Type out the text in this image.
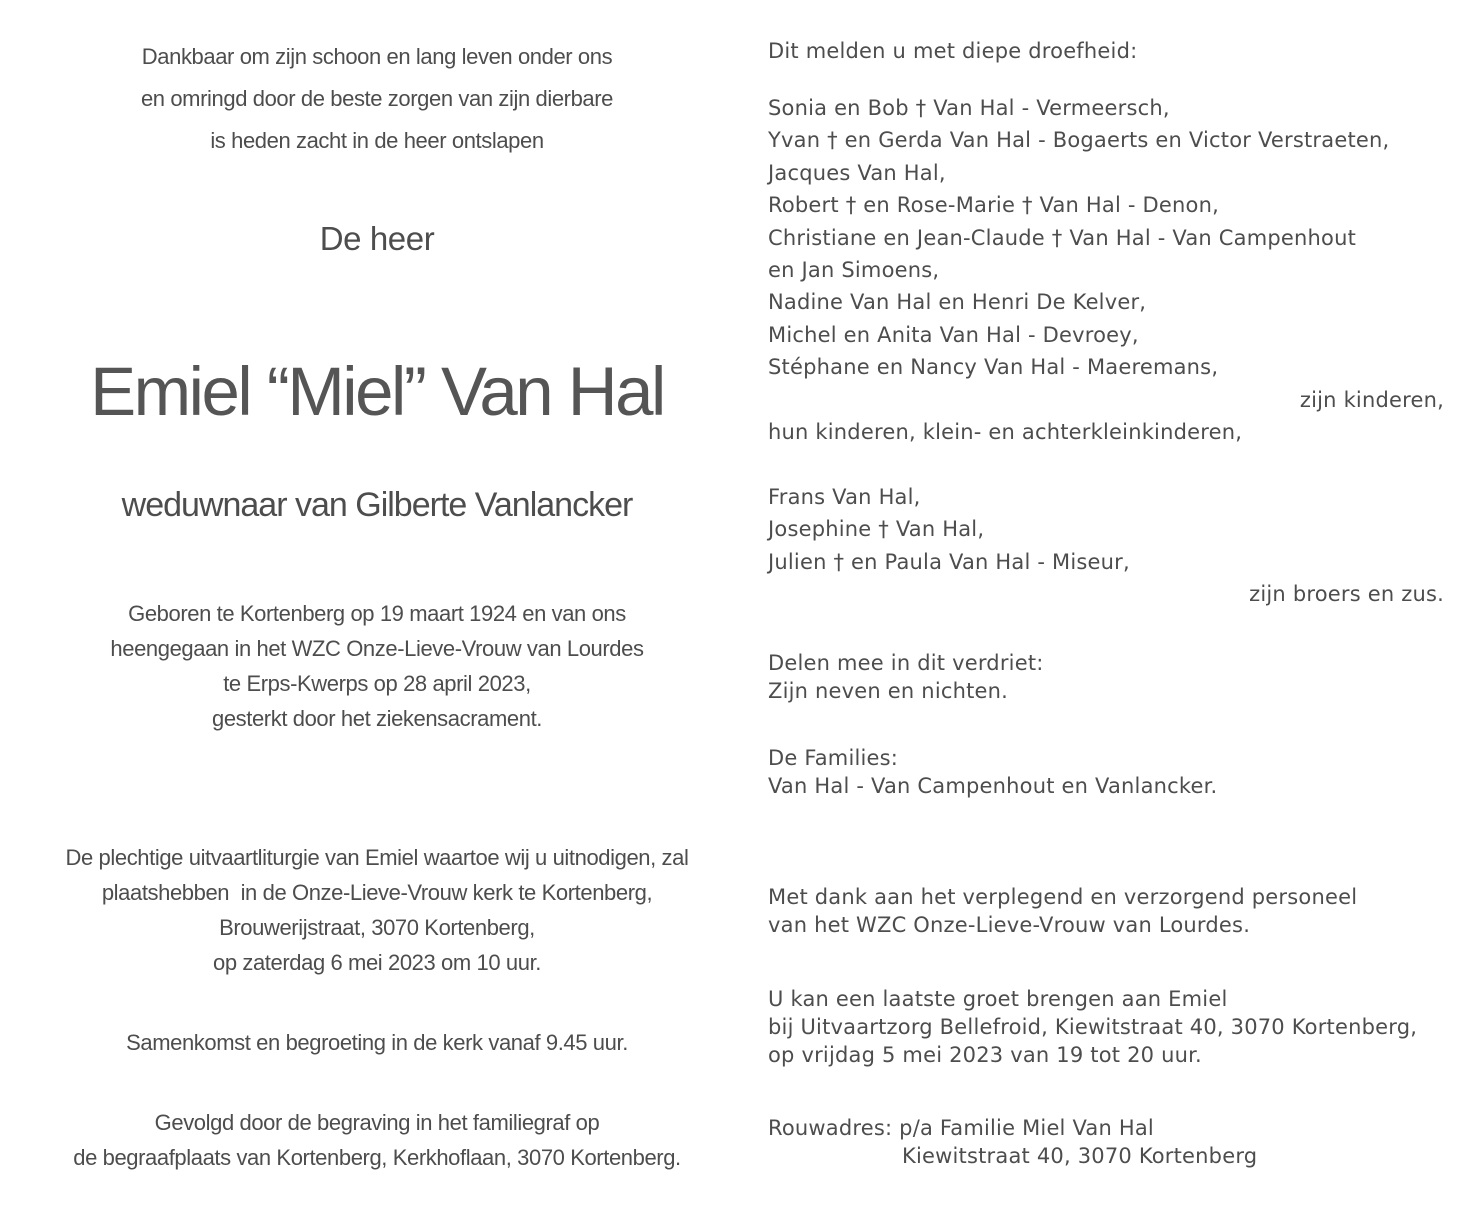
Dankbaar om zijn schoon en lang leven onder ons
en omringd door de beste zorgen van zijn dierbare
is heden zacht in de heer ontslapen
De heer
Emiel “Miel” Van Hal
weduwnaar van Gilberte Vanlancker
Geboren te Kortenberg op 19 maart 1924 en van ons
heengegaan in het WZC Onze-Lieve-Vrouw van Lourdes
te Erps-Kwerps op 28 april 2023,
gesterkt door het ziekensacrament.
De plechtige uitvaartliturgie van Emiel waartoe wij u uitnodigen, zal
plaatshebben  in de Onze-Lieve-Vrouw kerk te Kortenberg,
Brouwerijstraat, 3070 Kortenberg,
op zaterdag 6 mei 2023 om 10 uur.
Samenkomst en begroeting in de kerk vanaf 9.45 uur.
Gevolgd door de begraving in het familiegraf op
de begraafplaats van Kortenberg, Kerkhoflaan, 3070 Kortenberg.
Dit melden u met diepe droefheid:
Sonia en Bob † Van Hal - Vermeersch,
Yvan † en Gerda Van Hal - Bogaerts en Victor Verstraeten,
Jacques Van Hal,
Robert † en Rose-Marie † Van Hal - Denon,
Christiane en Jean-Claude † Van Hal - Van Campenhout
en Jan Simoens,
Nadine Van Hal en Henri De Kelver,
Michel en Anita Van Hal - Devroey,
Stéphane en Nancy Van Hal - Maeremans,
zijn kinderen,
hun kinderen, klein- en achterkleinkinderen,
Frans Van Hal,
Josephine † Van Hal,
Julien † en Paula Van Hal - Miseur,
zijn broers en zus.
Delen mee in dit verdriet:
Zijn neven en nichten.
De Families:
Van Hal - Van Campenhout en Vanlancker.
Met dank aan het verplegend en verzorgend personeel
van het WZC Onze-Lieve-Vrouw van Lourdes.
U kan een laatste groet brengen aan Emiel
bij Uitvaartzorg Bellefroid, Kiewitstraat 40, 3070 Kortenberg,
op vrijdag 5 mei 2023 van 19 tot 20 uur.
Rouwadres: p/a Familie Miel Van Hal
Kiewitstraat 40, 3070 Kortenberg
